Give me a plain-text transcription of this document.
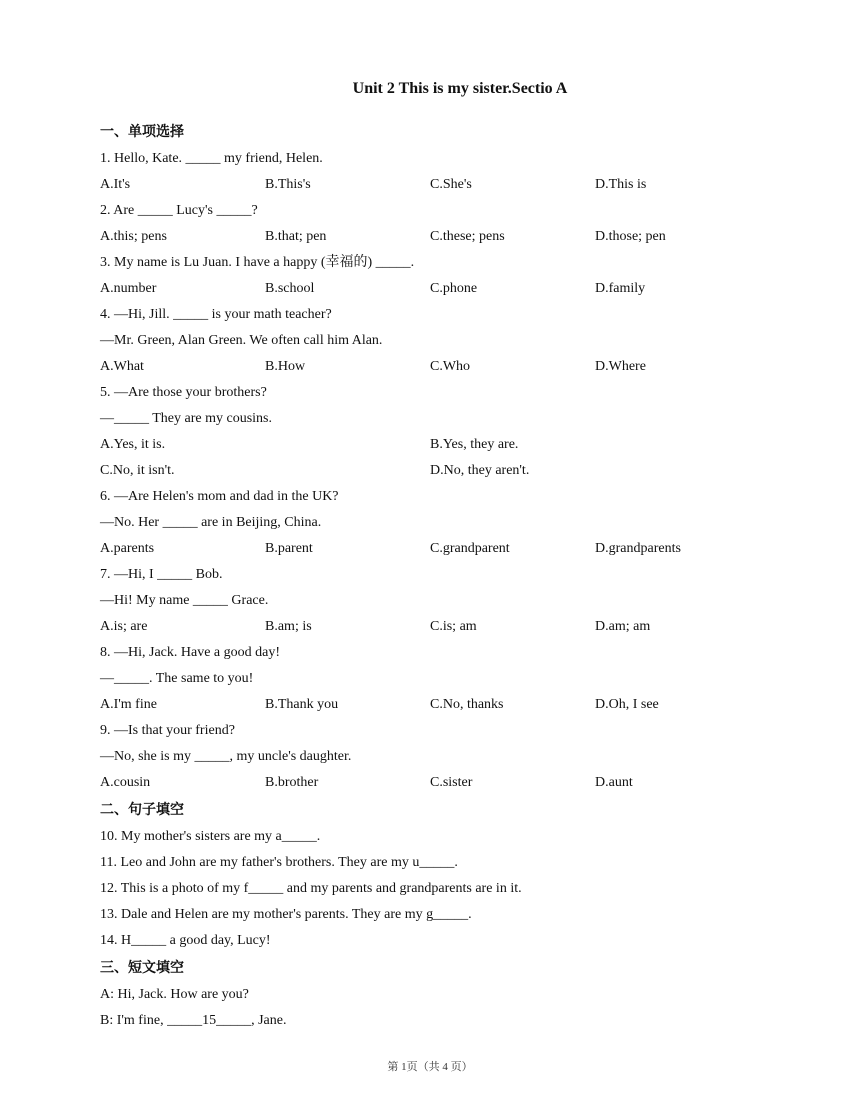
Unit 2 This is my sister.Sectio A
一、单项选择
1. Hello, Kate. _____ my friend, Helen.
A.It's	B.This's	C.She's	D.This is
2. Are _____ Lucy's _____?
A.this; pens	B.that; pen	C.these; pens	D.those; pen
3. My name is Lu Juan. I have a happy (幸福的) _____.
A.number	B.school	C.phone	D.family
4. —Hi, Jill. _____ is your math teacher?
—Mr. Green, Alan Green. We often call him Alan.
A.What	B.How	C.Who	D.Where
5. —Are those your brothers?
—_____ They are my cousins.
A.Yes, it is.	B.Yes, they are.
C.No, it isn't.	D.No, they aren't.
6. —Are Helen's mom and dad in the UK?
—No. Her _____ are in Beijing, China.
A.parents	B.parent	C.grandparent	D.grandparents
7. —Hi, I _____ Bob.
—Hi! My name _____ Grace.
A.is; are	B.am; is	C.is; am	D.am; am
8. —Hi, Jack. Have a good day!
—_____. The same to you!
A.I'm fine	B.Thank you	C.No, thanks	D.Oh, I see
9. —Is that your friend?
—No, she is my _____, my uncle's daughter.
A.cousin	B.brother	C.sister	D.aunt
二、句子填空
10. My mother's sisters are my a_____.
11. Leo and John are my father's brothers. They are my u_____.
12. This is a photo of my f_____ and my parents and grandparents are in it.
13. Dale and Helen are my mother's parents. They are my g_____.
14. H_____ a good day, Lucy!
三、短文填空
A: Hi, Jack. How are you?
B: I'm fine, _____15_____, Jane.
第 1页（共 4 页）
